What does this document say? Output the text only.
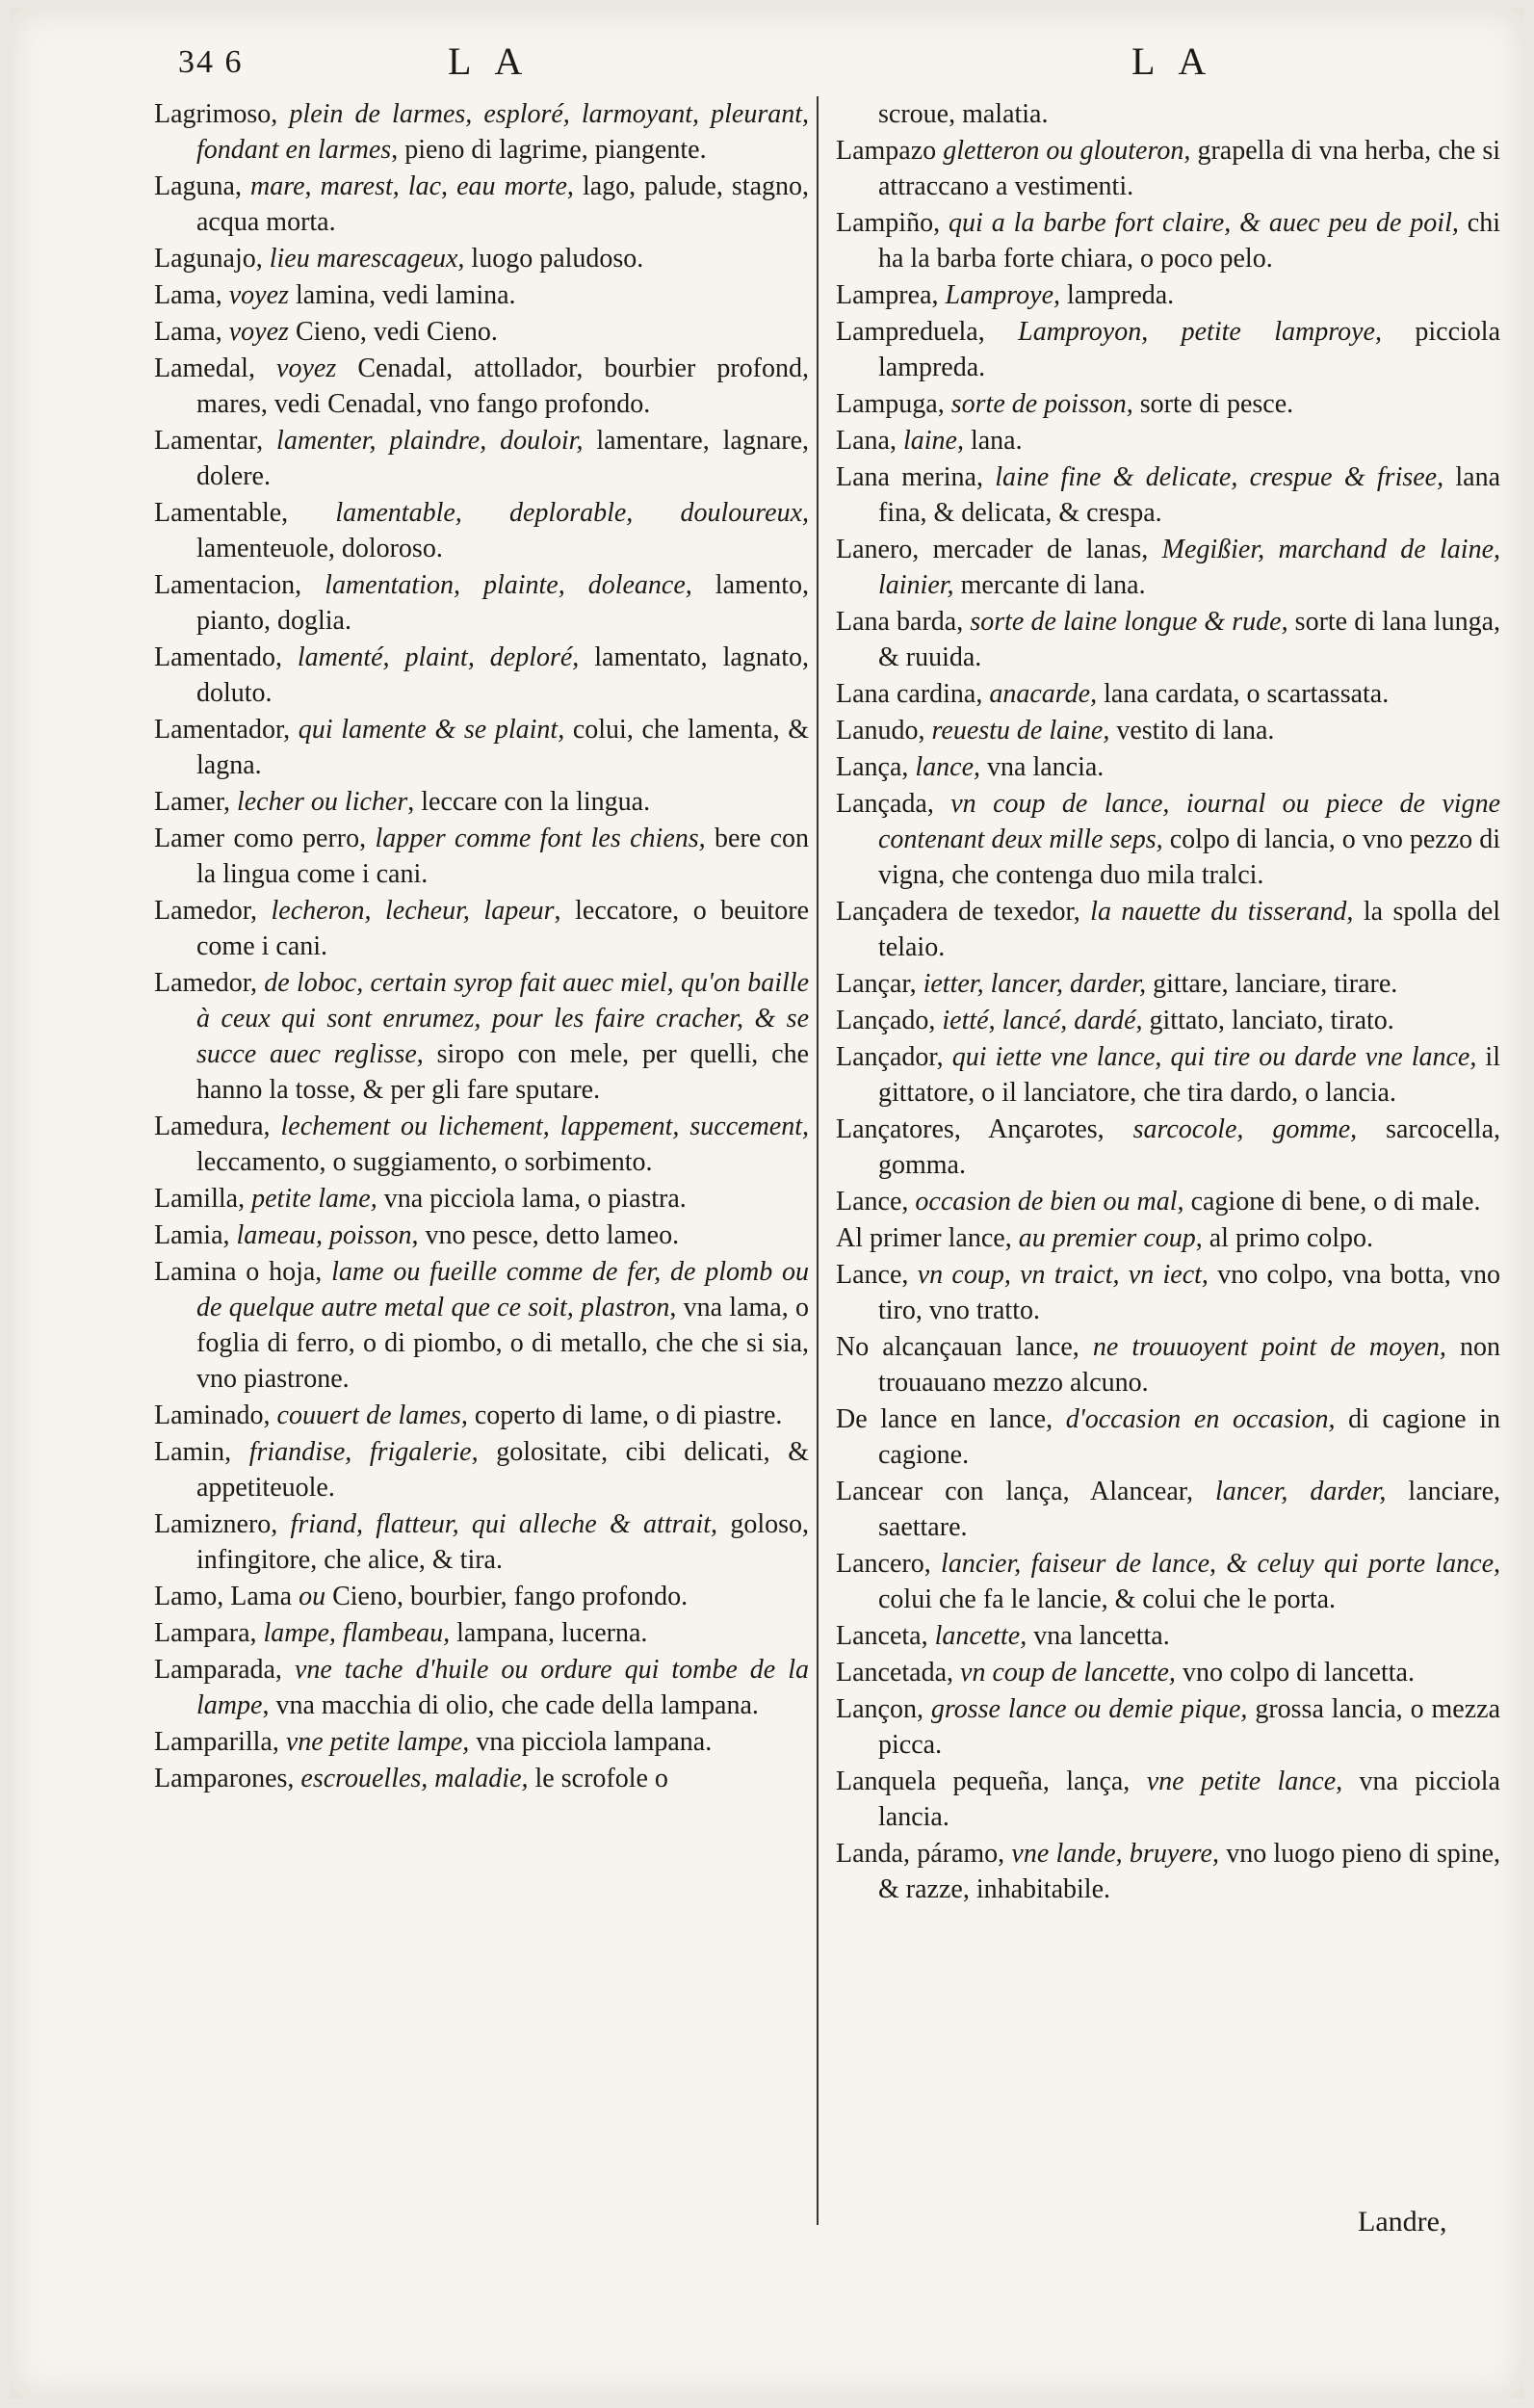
34 6	LA	LA

Lagrimoso, plein de larmes, esploré, larmoyant, pleurant, fondant en larmes, pieno di lagrime, piangente.

Laguna, mare, marest, lac, eau morte, lago, palude, stagno, acqua morta.

Lagunajo, lieu marescageux, luogo paludoso.

Lama, voyez lamina, vedi lamina.

Lama, voyez Cieno, vedi Cieno.

Lamedal, voyez Cenadal, attollador, bourbier profond, mares, vedi Cenadal, vno fango profondo.

Lamentar, lamenter, plaindre, douloir, lamentare, lagnare, dolere.

Lamentable, lamentable, deplorable, douloureux, lamenteuole, doloroso.

Lamentacion, lamentation, plainte, doleance, lamento, pianto, doglia.

Lamentado, lamenté, plaint, deploré, lamentato, lagnato, doluto.

Lamentador, qui lamente & se plaint, colui, che lamenta, & lagna.

Lamer, lecher ou licher, leccare con la lingua.

Lamer como perro, lapper comme font les chiens, bere con la lingua come i cani.

Lamedor, lecheron, lecheur, lapeur, leccatore, o beuitore come i cani.

Lamedor, de loboc, certain syrop fait auec miel, qu'on baille à ceux qui sont enrumez, pour les faire cracher, & se succe auec reglisse, siropo con mele, per quelli, che hanno la tosse, & per gli fare sputare.

Lamedura, lechement ou lichement, lappement, succement, leccamento, o suggiamento, o sorbimento.

Lamilla, petite lame, vna picciola lama, o piastra.

Lamia, lameau, poisson, vno pesce, detto lameo.

Lamina o hoja, lame ou fueille comme de fer, de plomb ou de quelque autre metal que ce soit, plastron, vna lama, o foglia di ferro, o di piombo, o di metallo, che che si sia, vno piastrone.

Laminado, couuert de lames, coperto di lame, o di piastre.

Lamin, friandise, frigalerie, golositate, cibi delicati, & appetiteuole.

Lamiznero, friand, flatteur, qui alleche & attrait, goloso, infingitore, che alice, & tira.

Lamo, Lama ou Cieno, bourbier, fango profondo.

Lampara, lampe, flambeau, lampana, lucerna.

Lamparada, vne tache d'huile ou ordure qui tombe de la lampe, vna macchia di olio, che cade della lampana.

Lamparilla, vne petite lampe, vna picciola lampana.

Lamparones, escrouelles, maladie, le scrofole o

scroue, malatia.

Lampazo gletteron ou glouteron, grapella di vna herba, che si attraccano a vestimenti.

Lampiño, qui a la barbe fort claire, & auec peu de poil, chi ha la barba forte chiara, o poco pelo.

Lamprea, Lamproye, lampreda.

Lampreduela, Lamproyon, petite lamproye, picciola lampreda.

Lampuga, sorte de poisson, sorte di pesce.

Lana, laine, lana.

Lana merina, laine fine & delicate, crespue & frisee, lana fina, & delicata, & crespa.

Lanero, mercader de lanas, Megißier, marchand de laine, lainier, mercante di lana.

Lana barda, sorte de laine longue & rude, sorte di lana lunga, & ruuida.

Lana cardina, anacarde, lana cardata, o scartassata.

Lanudo, reuestu de laine, vestito di lana.

Lança, lance, vna lancia.

Lançada, vn coup de lance, iournal ou piece de vigne contenant deux mille seps, colpo di lancia, o vno pezzo di vigna, che contenga duo mila tralci.

Lançadera de texedor, la nauette du tisserand, la spolla del telaio.

Lançar, ietter, lancer, darder, gittare, lanciare, tirare.

Lançado, ietté, lancé, dardé, gittato, lanciato, tirato.

Lançador, qui iette vne lance, qui tire ou darde vne lance, il gittatore, o il lanciatore, che tira dardo, o lancia.

Lançatores, Ançarotes, sarcocole, gomme, sarcocella, gomma.

Lance, occasion de bien ou mal, cagione di bene, o di male.

Al primer lance, au premier coup, al primo colpo.

Lance, vn coup, vn traict, vn iect, vno colpo, vna botta, vno tiro, vno tratto.

No alcançauan lance, ne trouuoyent point de moyen, non trouauano mezzo alcuno.

De lance en lance, d'occasion en occasion, di cagione in cagione.

Lancear con lança, Alancear, lancer, darder, lanciare, saettare.

Lancero, lancier, faiseur de lance, & celuy qui porte lance, colui che fa le lancie, & colui che le porta.

Lanceta, lancette, vna lancetta.

Lancetada, vn coup de lancette, vno colpo di lancetta.

Lançon, grosse lance ou demie pique, grossa lancia, o mezza picca.

Lanquela pequeña, lança, vne petite lance, vna picciola lancia.

Landa, páramo, vne lande, bruyere, vno luogo pieno di spine, & razze, inhabitabile.

Landre,
